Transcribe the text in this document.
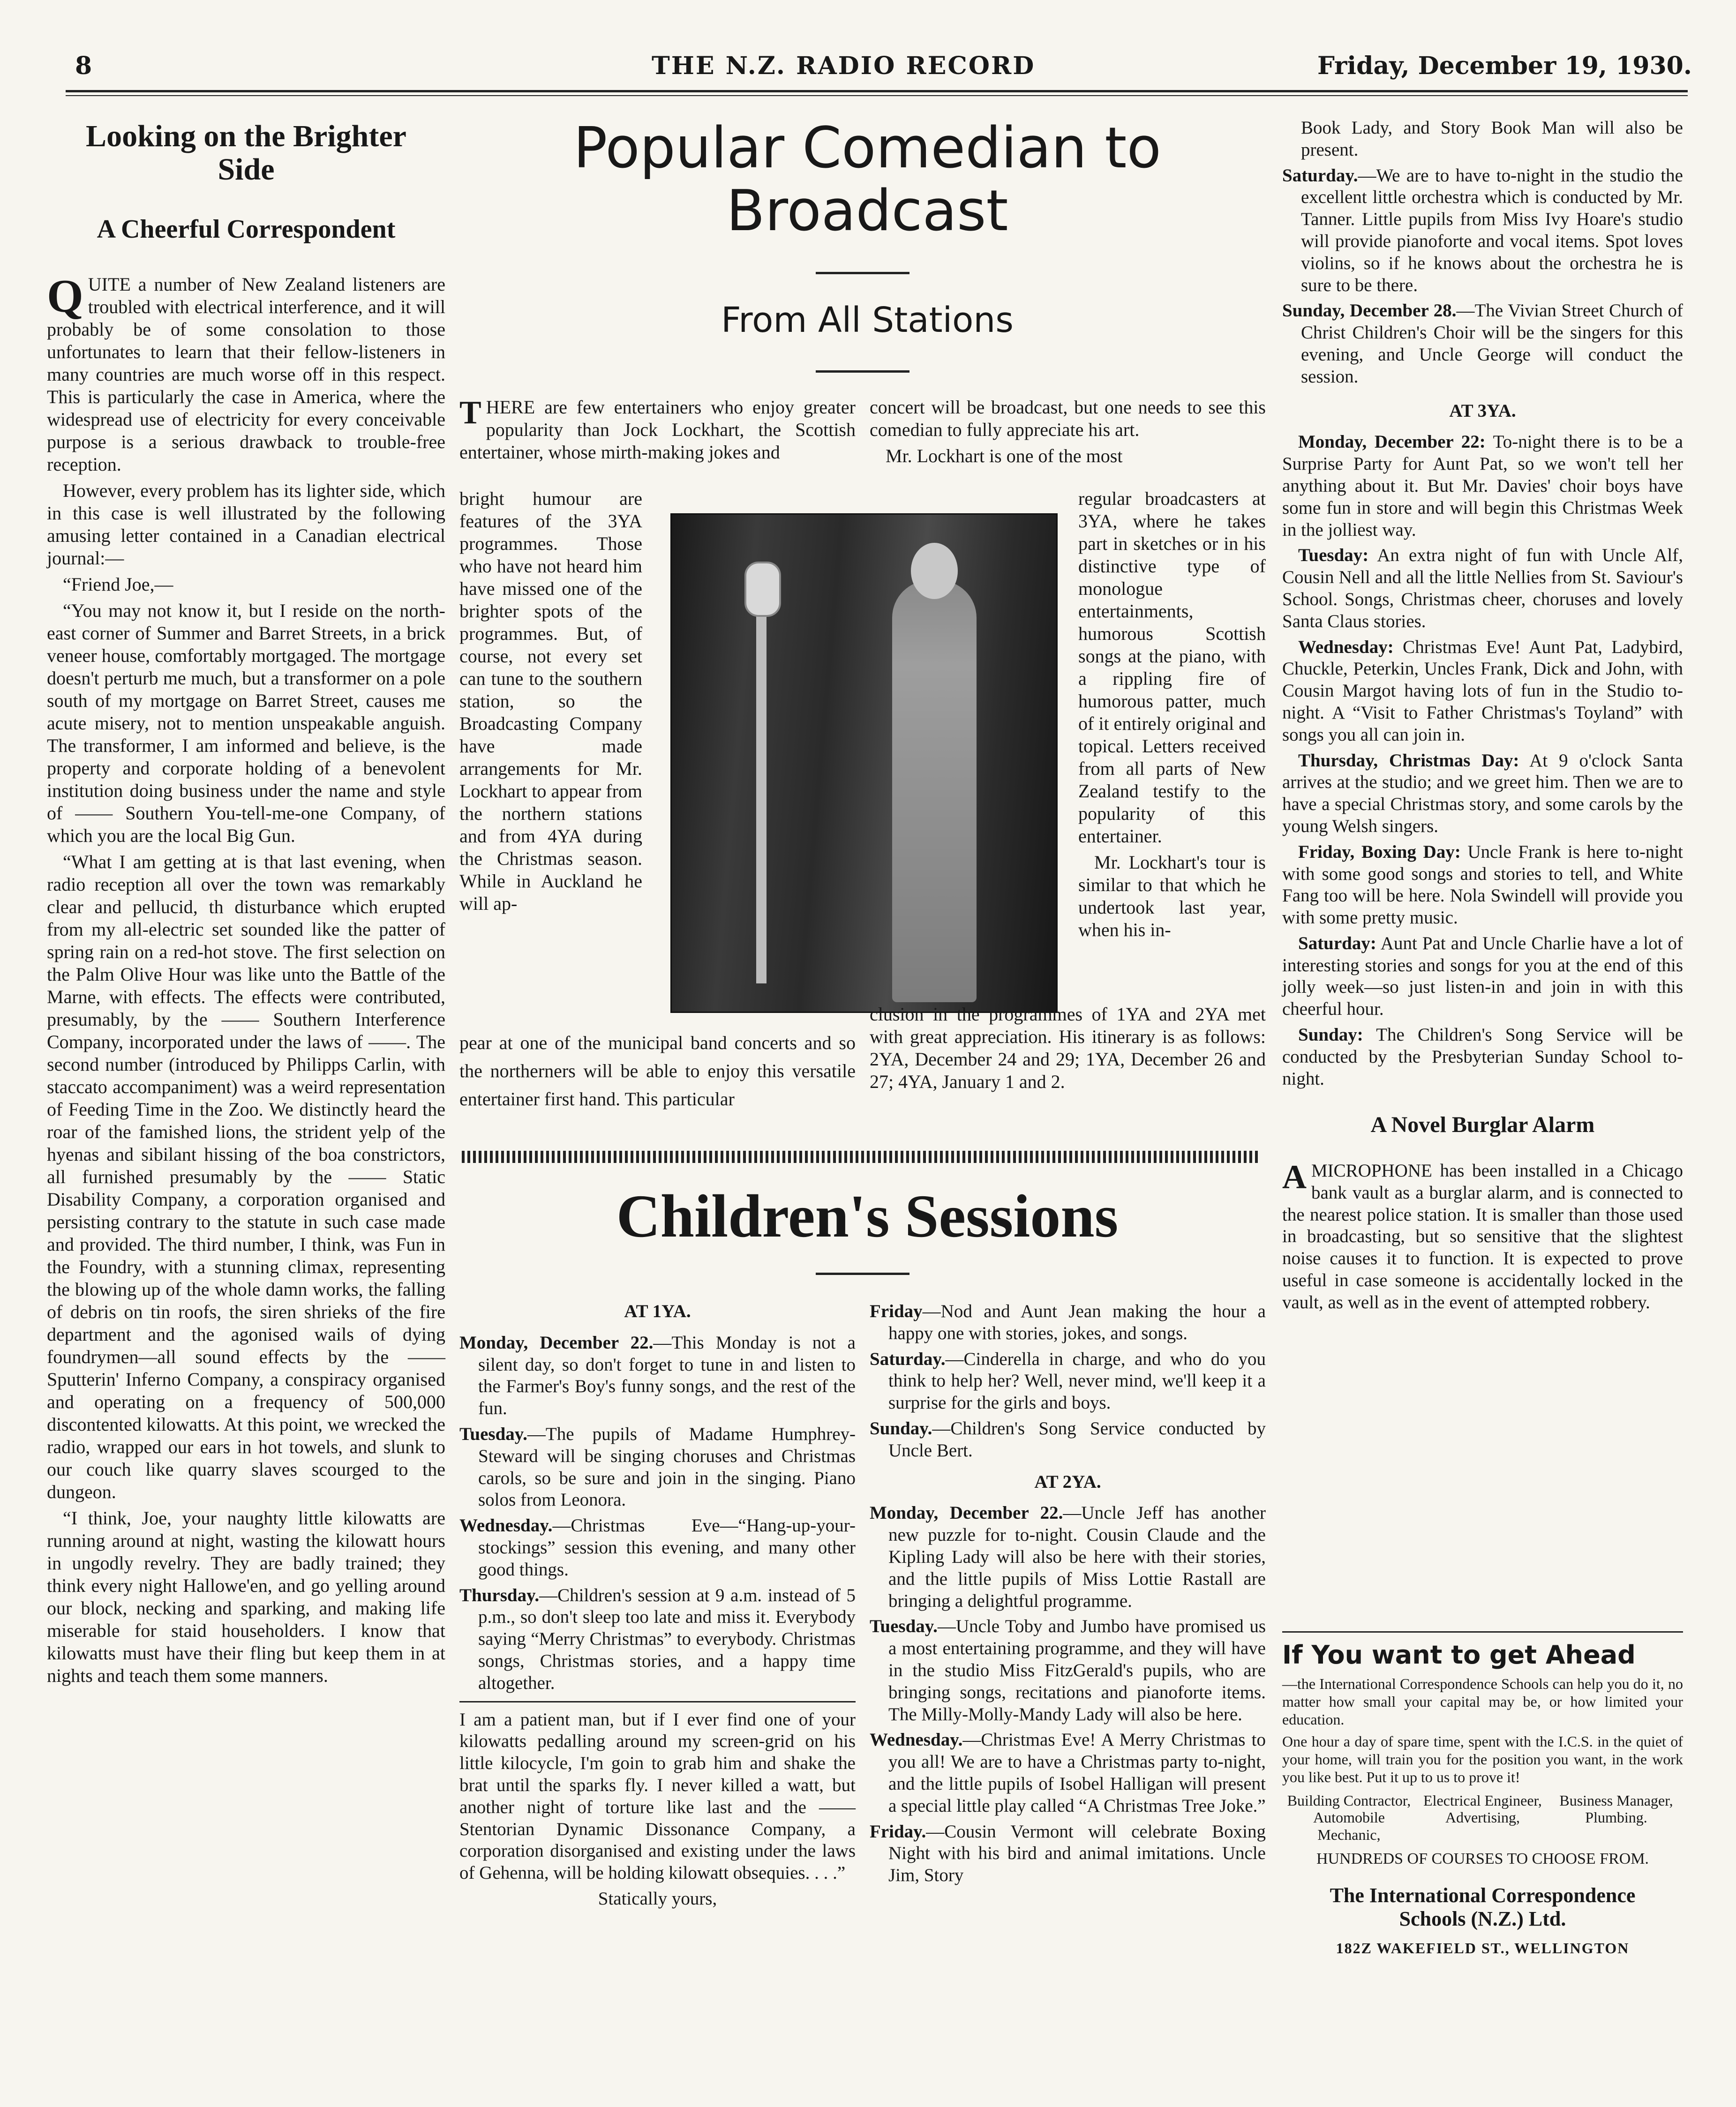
8	THE N.Z. RADIO RECORD	Friday, December 19, 1930.
Looking on the Brighter Side
A Cheerful Correspondent

QUITE a number of New Zealand listeners are troubled with electrical interference, and it will probably be of some consolation to those unfortunates to learn that their fellow-listeners in many countries are much worse off in this respect. This is particularly the case in America, where the widespread use of electricity for every conceivable purpose is a serious drawback to trouble-free reception.

However, every problem has its lighter side, which in this case is well illustrated by the following amusing letter contained in a Canadian electrical journal:—

“Friend Joe,—

“You may not know it, but I reside on the north-east corner of Summer and Barret Streets, in a brick veneer house, comfortably mortgaged. The mortgage doesn't perturb me much, but a transformer on a pole south of my mortgage on Barret Street, causes me acute misery, not to mention unspeakable anguish. The transformer, I am informed and believe, is the property and corporate holding of a benevolent institution doing business under the name and style of —— Southern You-tell-me-one Company, of which you are the local Big Gun.

“What I am getting at is that last evening, when radio reception all over the town was remarkably clear and pellucid, th disturbance which erupted from my all-electric set sounded like the patter of spring rain on a red-hot stove. The first selection on the Palm Olive Hour was like unto the Battle of the Marne, with effects. The effects were contributed, presumably, by the —— Southern Interference Company, incorporated under the laws of ——. The second number (introduced by Philipps Carlin, with staccato accompaniment) was a weird representation of Feeding Time in the Zoo. We distinctly heard the roar of the famished lions, the strident yelp of the hyenas and sibilant hissing of the boa constrictors, all furnished presumably by the —— Static Disability Company, a corporation organised and persisting contrary to the statute in such case made and provided. The third number, I think, was Fun in the Foundry, with a stunning climax, representing the blowing up of the whole damn works, the falling of debris on tin roofs, the siren shrieks of the fire department and the agonised wails of dying foundrymen—all sound effects by the —— Sputterin' Inferno Company, a conspiracy organised and operating on a frequency of 500,000 discontented kilowatts. At this point, we wrecked the radio, wrapped our ears in hot towels, and slunk to our couch like quarry slaves scourged to the dungeon.

“I think, Joe, your naughty little kilowatts are running around at night, wasting the kilowatt hours in ungodly revelry. They are badly trained; they think every night Hallowe'en, and go yelling around our block, necking and sparking, and making life miserable for staid householders. I know that kilowatts must have their fling but keep them in at nights and teach them some manners.

Popular Comedian to Broadcast
From All Stations

THERE are few entertainers who enjoy greater popularity than Jock Lockhart, the Scottish entertainer, whose mirth-making jokes and

bright humour are features of the 3YA programmes. Those who have not heard him have missed one of the brighter spots of the programmes. But, of course, not every set can tune to the southern station, so the Broadcasting Company have made arrangements for Mr. Lockhart to appear from the northern stations and from 4YA during the Christmas season. While in Auckland he will ap-
pear at one of the municipal band concerts and so the northerners will be able to enjoy this versatile entertainer first hand. This particular

concert will be broadcast, but one needs to see this comedian to fully appreciate his art.

Mr. Lockhart is one of the most

regular broadcasters at 3YA, where he takes part in sketches or in his distinctive type of monologue entertainments, humorous Scottish songs at the piano, with a rippling fire of humorous patter, much of it entirely original and topical. Letters received from all parts of New Zealand testify to the popularity of this entertainer.

Mr. Lockhart's tour is similar to that which he undertook last year, when his in-

clusion in the programmes of 1YA and 2YA met with great appreciation. His itinerary is as follows: 2YA, December 24 and 29; 1YA, December 26 and 27; 4YA, January 1 and 2.
Children's Sessions

AT 1YA.

Monday, December 22.—This Monday is not a silent day, so don't forget to tune in and listen to the Farmer's Boy's funny songs, and the rest of the fun.

Tuesday.—The pupils of Madame Humphrey-Steward will be singing choruses and Christmas carols, so be sure and join in the singing. Piano solos from Leonora.

Wednesday.—Christmas Eve—“Hang-up-your-stockings” session this evening, and many other good things.

Thursday.—Children's session at 9 a.m. instead of 5 p.m., so don't sleep too late and miss it. Everybody saying “Merry Christmas” to everybody. Christmas songs, Christmas stories, and a happy time altogether.

I am a patient man, but if I ever find one of your kilowatts pedalling around my screen-grid on his little kilocycle, I'm goin to grab him and shake the brat until the sparks fly. I never killed a watt, but another night of torture like last and the —— Stentorian Dynamic Dissonance Company, a corporation disorganised and existing under the laws of Gehenna, will be holding kilowatt obsequies. . . .”

Statically yours,

Friday—Nod and Aunt Jean making the hour a happy one with stories, jokes, and songs.

Saturday.—Cinderella in charge, and who do you think to help her? Well, never mind, we'll keep it a surprise for the girls and boys.

Sunday.—Children's Song Service conducted by Uncle Bert.

AT 2YA.

Monday, December 22.—Uncle Jeff has another new puzzle for to-night. Cousin Claude and the Kipling Lady will also be here with their stories, and the little pupils of Miss Lottie Rastall are bringing a delightful programme.

Tuesday.—Uncle Toby and Jumbo have promised us a most entertaining programme, and they will have in the studio Miss FitzGerald's pupils, who are bringing songs, recitations and pianoforte items. The Milly-Molly-Mandy Lady will also be here.

Wednesday.—Christmas Eve! A Merry Christmas to you all! We are to have a Christmas party to-night, and the little pupils of Isobel Halligan will present a special little play called “A Christmas Tree Joke.”

Friday.—Cousin Vermont will celebrate Boxing Night with his bird and animal imitations. Uncle Jim, Story

Book Lady, and Story Book Man will also be present.

Saturday.—We are to have to-night in the studio the excellent little orchestra which is conducted by Mr. Tanner. Little pupils from Miss Ivy Hoare's studio will provide pianoforte and vocal items. Spot loves violins, so if he knows about the orchestra he is sure to be there.

Sunday, December 28.—The Vivian Street Church of Christ Children's Choir will be the singers for this evening, and Uncle George will conduct the session.

AT 3YA.

Monday, December 22: To-night there is to be a Surprise Party for Aunt Pat, so we won't tell her anything about it. But Mr. Davies' choir boys have some fun in store and will begin this Christmas Week in the jolliest way.

Tuesday: An extra night of fun with Uncle Alf, Cousin Nell and all the little Nellies from St. Saviour's School. Songs, Christmas cheer, choruses and lovely Santa Claus stories.

Wednesday: Christmas Eve! Aunt Pat, Ladybird, Chuckle, Peterkin, Uncles Frank, Dick and John, with Cousin Margot having lots of fun in the Studio to-night. A “Visit to Father Christmas's Toyland” with songs you all can join in.

Thursday, Christmas Day: At 9 o'clock Santa arrives at the studio; and we greet him. Then we are to have a special Christmas story, and some carols by the young Welsh singers.

Friday, Boxing Day: Uncle Frank is here to-night with some good songs and stories to tell, and White Fang too will be here. Nola Swindell will provide you with some pretty music.

Saturday: Aunt Pat and Uncle Charlie have a lot of interesting stories and songs for you at the end of this jolly week—so just listen-in and join in with this cheerful hour.

Sunday: The Children's Song Service will be conducted by the Presbyterian Sunday School to-night.

A Novel Burglar Alarm

AMICROPHONE has been installed in a Chicago bank vault as a burglar alarm, and is connected to the nearest police station. It is smaller than those used in broadcasting, but so sensitive that the slightest noise causes it to function. It is expected to prove useful in case someone is accidentally locked in the vault, as well as in the event of attempted robbery.

If You want to get Ahead
—the International Correspondence Schools can help you do it, no matter how small your capital may be, or how limited your education.
One hour a day of spare time, spent with the I.C.S. in the quiet of your home, will train you for the position you want, in the work you like best. Put it up to us to prove it!
Building Contractor, Electrical Engineer,	Business Manager,
Automobile Mechanic,
Advertising,	Plumbing.
HUNDREDS OF COURSES TO CHOOSE FROM.
The International Correspondence Schools (N.Z.) Ltd.
182Z WAKEFIELD ST., WELLINGTON
